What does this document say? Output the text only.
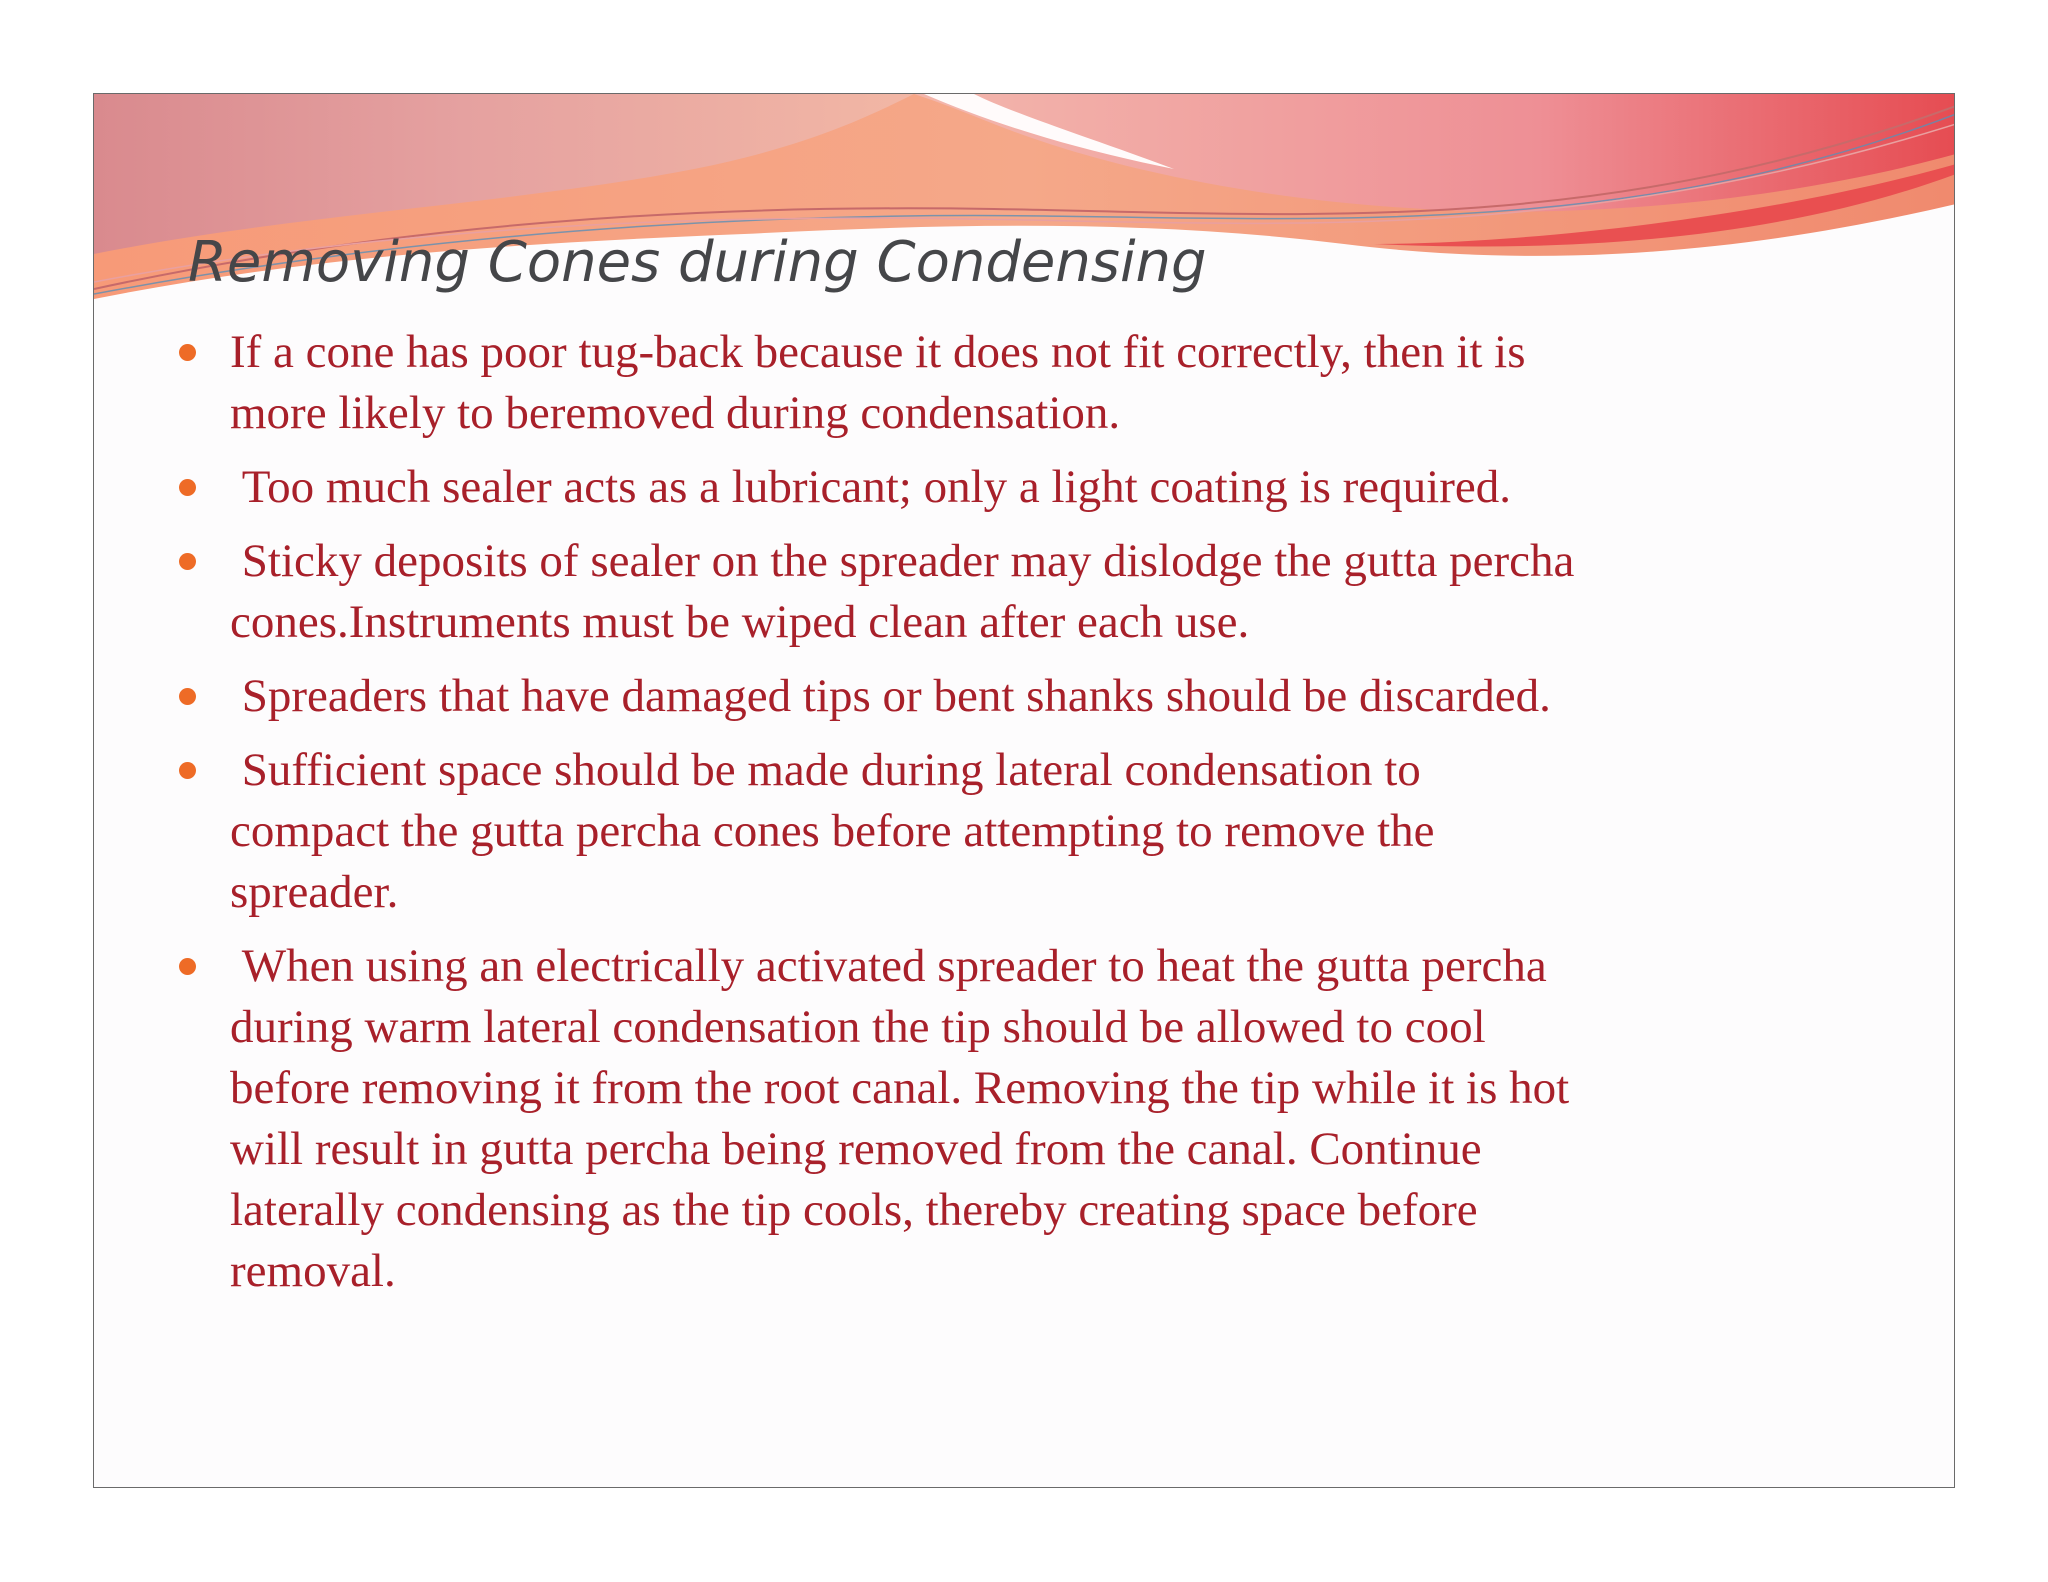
Removing Cones during Condensing
If a cone has poor tug-back because it does not fit correctly, then it is
more likely to beremoved during condensation.
Too much sealer acts as a lubricant; only a light coating is required.
Sticky deposits of sealer on the spreader may dislodge the gutta percha
cones.Instruments must be wiped clean after each use.
Spreaders that have damaged tips or bent shanks should be discarded.
Sufficient space should be made during lateral condensation to
compact the gutta percha cones before attempting to remove the
spreader.
When using an electrically activated spreader to heat the gutta percha
during warm lateral condensation the tip should be allowed to cool
before removing it from the root canal. Removing the tip while it is hot
will result in gutta percha being removed from the canal. Continue
laterally condensing as the tip cools, thereby creating space before
removal.
